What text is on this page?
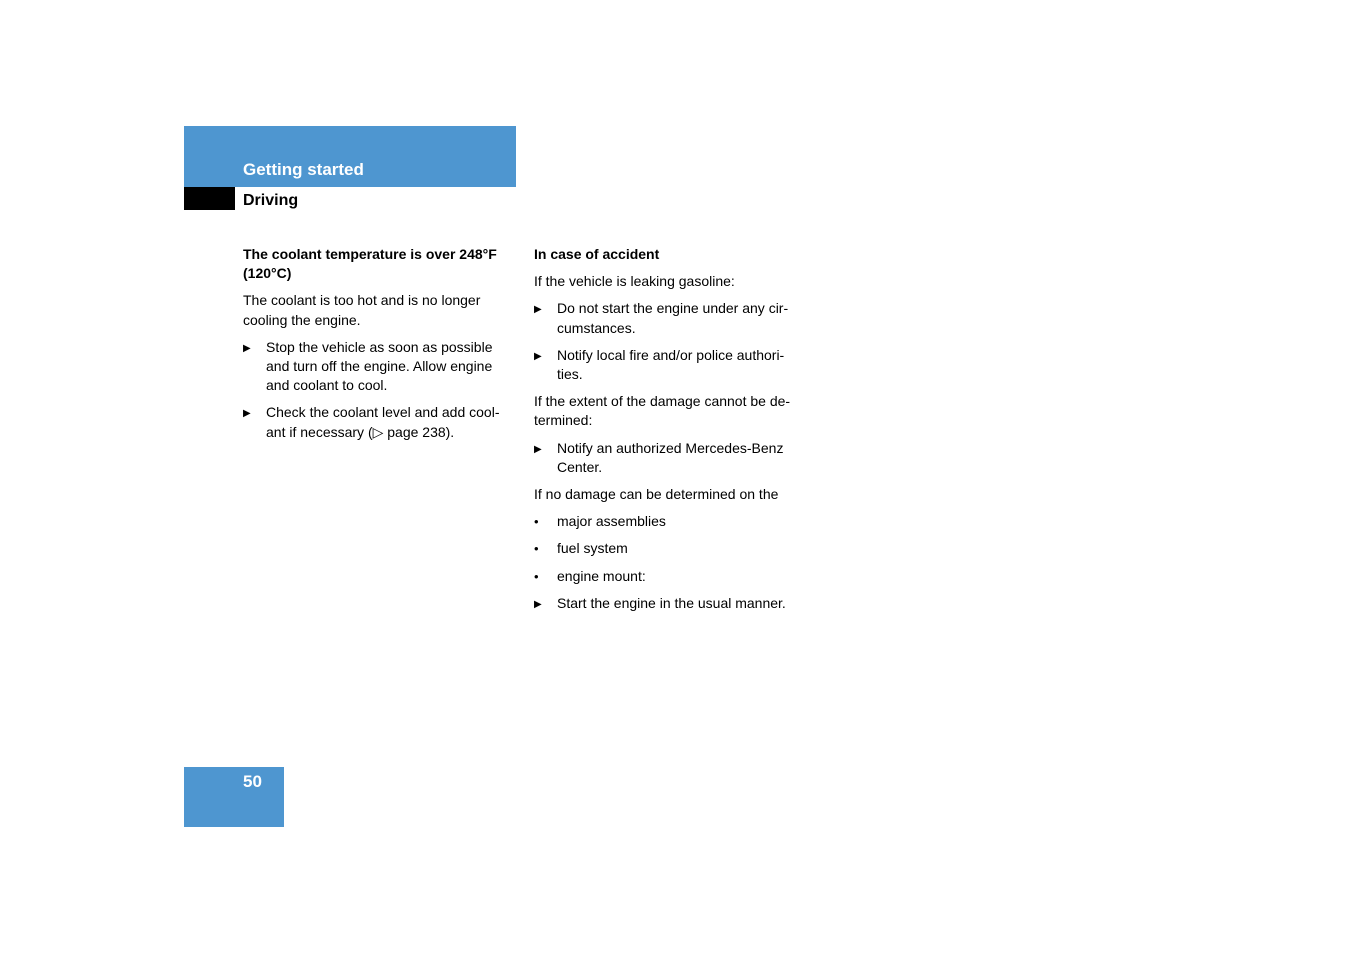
Getting started
Driving

The coolant temperature is over 248°F (120°C)

The coolant is too hot and is no longer cooling the engine.

▶	Stop the vehicle as soon as possible and turn off the engine. Allow engine and coolant to cool.
▶	Check the coolant level and add cool-ant if necessary (▷ page 238).

In case of accident

If the vehicle is leaking gasoline:

▶	Do not start the engine under any cir-cumstances.
▶	Notify local fire and/or police authori-ties.

If the extent of the damage cannot be de-termined:

▶	Notify an authorized Mercedes-Benz Center.

If no damage can be determined on the

•	major assemblies
•	fuel system
•	engine mount:
▶	Start the engine in the usual manner.
50
